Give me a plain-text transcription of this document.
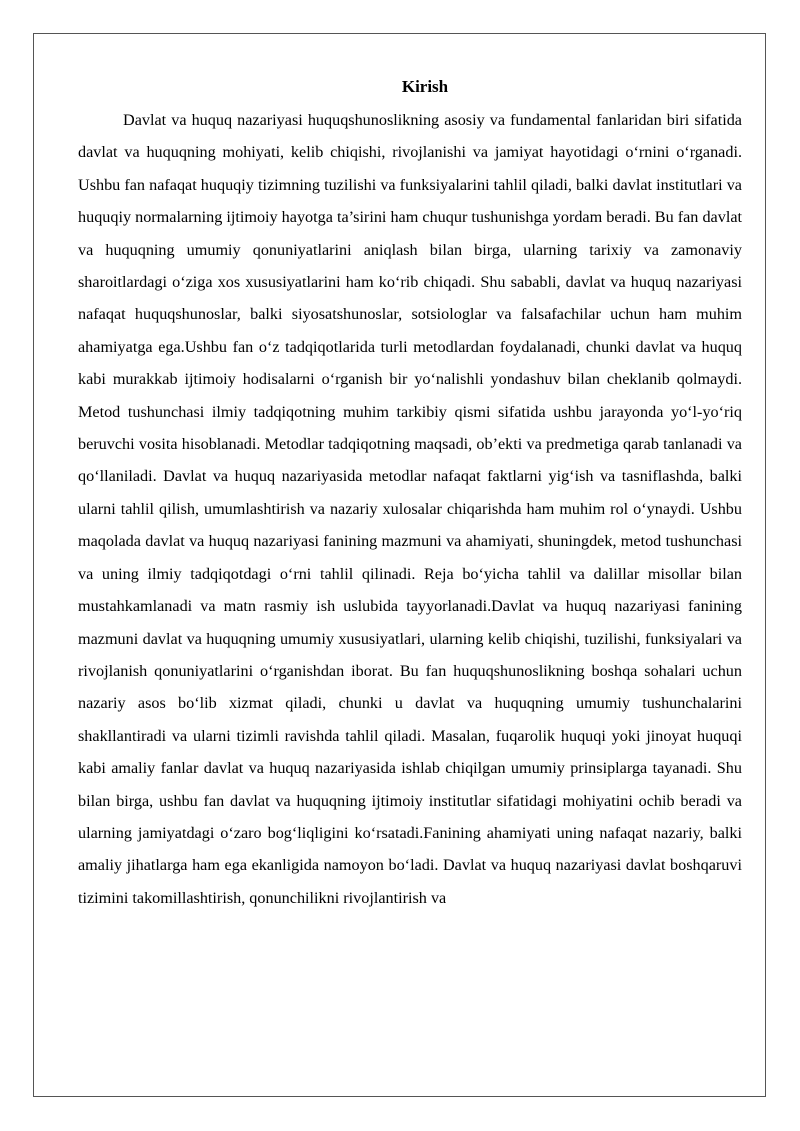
Kirish

Davlat va huquq nazariyasi huquqshunoslikning asosiy va fundamental fanlaridan biri sifatida davlat va huquqning mohiyati, kelib chiqishi, rivojlanishi va jamiyat hayotidagi o‘rnini o‘rganadi. Ushbu fan nafaqat huquqiy tizimning tuzilishi va funksiyalarini tahlil qiladi, balki davlat institutlari va huquqiy normalarning ijtimoiy hayotga ta’sirini ham chuqur tushunishga yordam beradi. Bu fan davlat va huquqning umumiy qonuniyatlarini aniqlash bilan birga, ularning tarixiy va zamonaviy sharoitlardagi o‘ziga xos xususiyatlarini ham ko‘rib chiqadi. Shu sababli, davlat va huquq nazariyasi nafaqat huquqshunoslar, balki siyosatshunoslar, sotsiologlar va falsafachilar uchun ham muhim ahamiyatga ega.Ushbu fan o‘z tadqiqotlarida turli metodlardan foydalanadi, chunki davlat va huquq kabi murakkab ijtimoiy hodisalarni o‘rganish bir yo‘nalishli yondashuv bilan cheklanib qolmaydi. Metod tushunchasi ilmiy tadqiqotning muhim tarkibiy qismi sifatida ushbu jarayonda yo‘l-yo‘riq beruvchi vosita hisoblanadi. Metodlar tadqiqotning maqsadi, ob’ekti va predmetiga qarab tanlanadi va qo‘llaniladi. Davlat va huquq nazariyasida metodlar nafaqat faktlarni yig‘ish va tasniflashda, balki ularni tahlil qilish, umumlashtirish va nazariy xulosalar chiqarishda ham muhim rol o‘ynaydi. Ushbu maqolada davlat va huquq nazariyasi fanining mazmuni va ahamiyati, shuningdek, metod tushunchasi va uning ilmiy tadqiqotdagi o‘rni tahlil qilinadi. Reja bo‘yicha tahlil va dalillar misollar bilan mustahkamlanadi va matn rasmiy ish uslubida tayyorlanadi.Davlat va huquq nazariyasi fanining mazmuni davlat va huquqning umumiy xususiyatlari, ularning kelib chiqishi, tuzilishi, funksiyalari va rivojlanish qonuniyatlarini o‘rganishdan iborat. Bu fan huquqshunoslikning boshqa sohalari uchun nazariy asos bo‘lib xizmat qiladi, chunki u davlat va huquqning umumiy tushunchalarini shakllantiradi va ularni tizimli ravishda tahlil qiladi. Masalan, fuqarolik huquqi yoki jinoyat huquqi kabi amaliy fanlar davlat va huquq nazariyasida ishlab chiqilgan umumiy prinsiplarga tayanadi. Shu bilan birga, ushbu fan davlat va huquqning ijtimoiy institutlar sifatidagi mohiyatini ochib beradi va ularning jamiyatdagi o‘zaro bog‘liqligini ko‘rsatadi.Fanining ahamiyati uning nafaqat nazariy, balki amaliy jihatlarga ham ega ekanligida namoyon bo‘ladi. Davlat va huquq nazariyasi davlat boshqaruvi tizimini takomillashtirish, qonunchilikni rivojlantirish va
